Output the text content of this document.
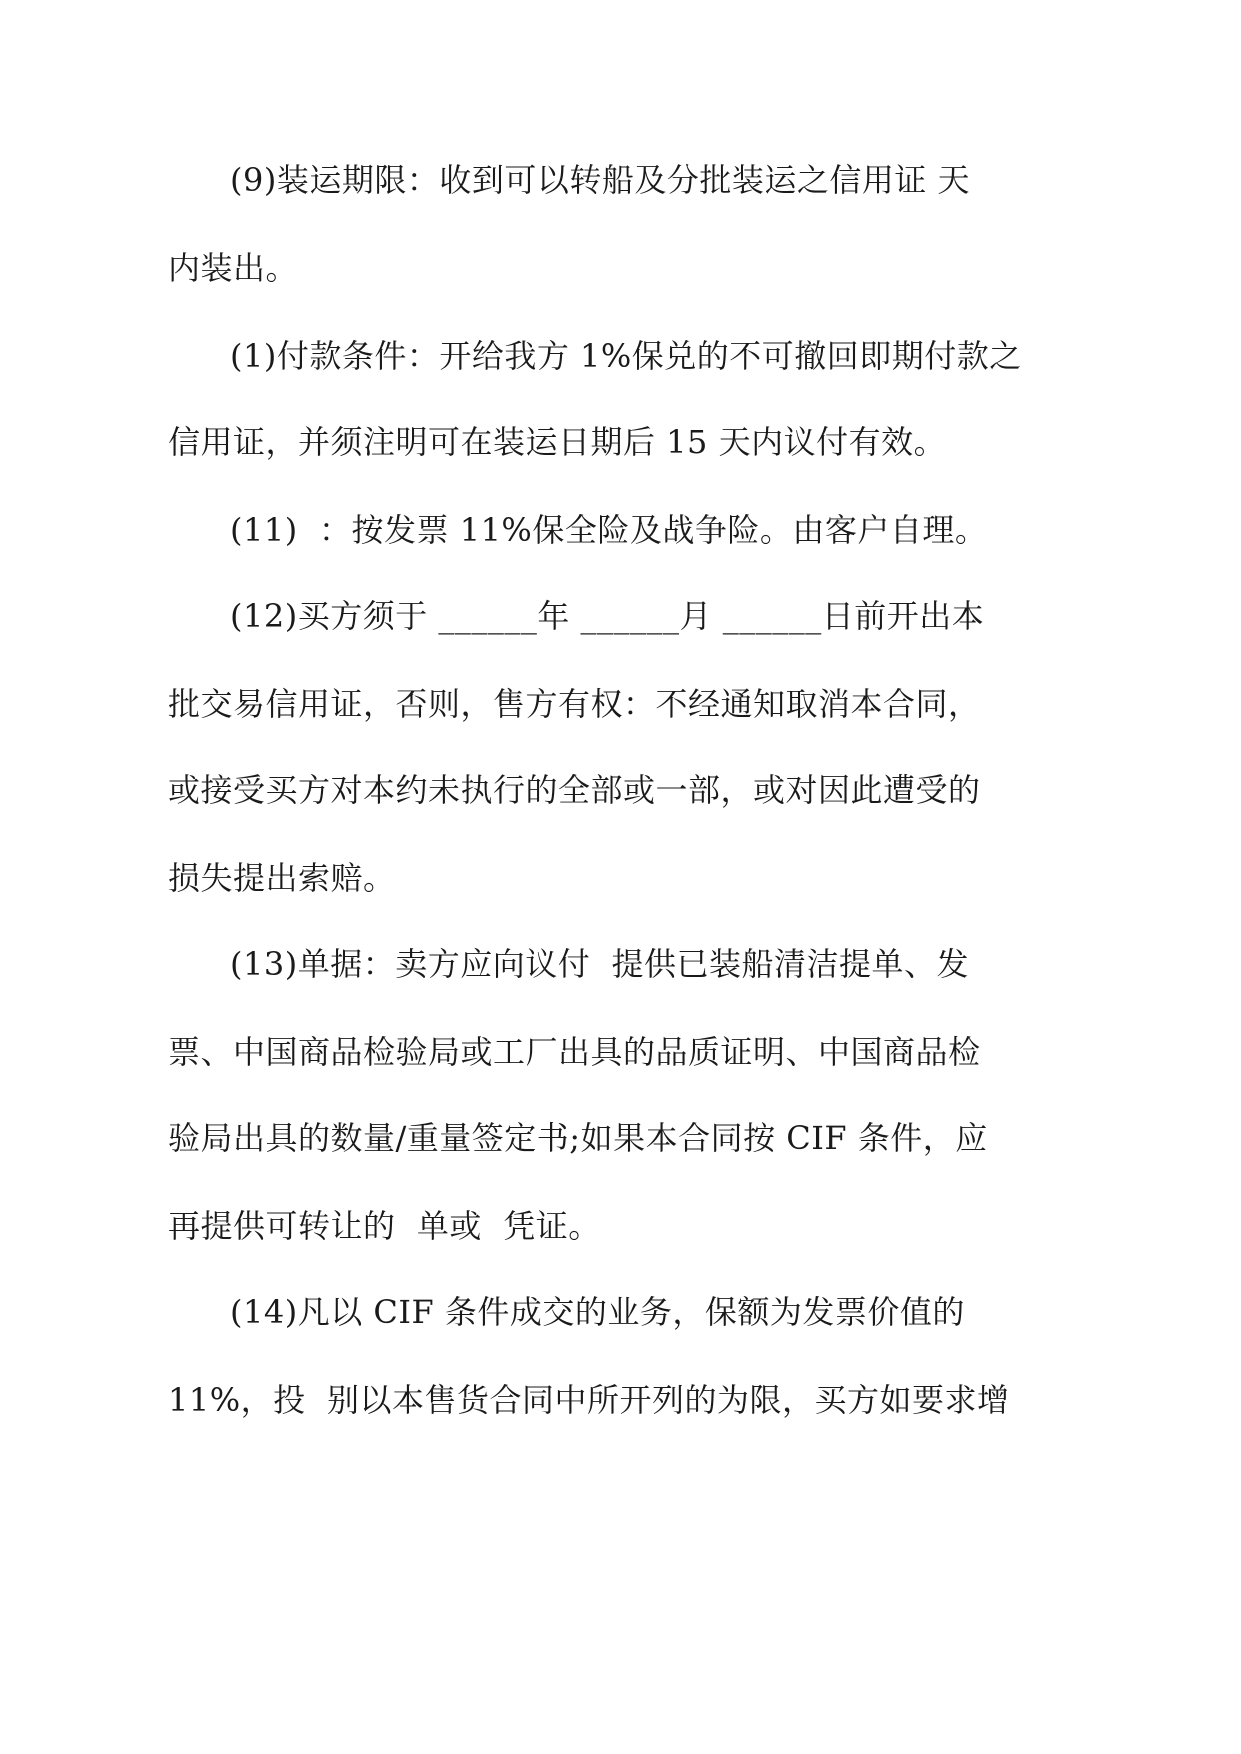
(9)装运期限：收到可以转船及分批装运之信用证 天
内装出。
(1)付款条件：开给我方 1%保兑的不可撤回即期付款之
信用证，并须注明可在装运日期后 15 天内议付有效。
(11)  ：按发票 11%保全险及战争险。由客户自理。
(12)买方须于 ______年 ______月 ______日前开出本
批交易信用证，否则，售方有权：不经通知取消本合同，
或接受买方对本约未执行的全部或一部，或对因此遭受的
损失提出索赔。
(13)单据：卖方应向议付  提供已装船清洁提单、发
票、中国商品检验局或工厂出具的品质证明、中国商品检
验局出具的数量/重量签定书;如果本合同按 CIF 条件，应
再提供可转让的  单或  凭证。
(14)凡以 CIF 条件成交的业务，保额为发票价值的
11%，投  别以本售货合同中所开列的为限，买方如要求增
